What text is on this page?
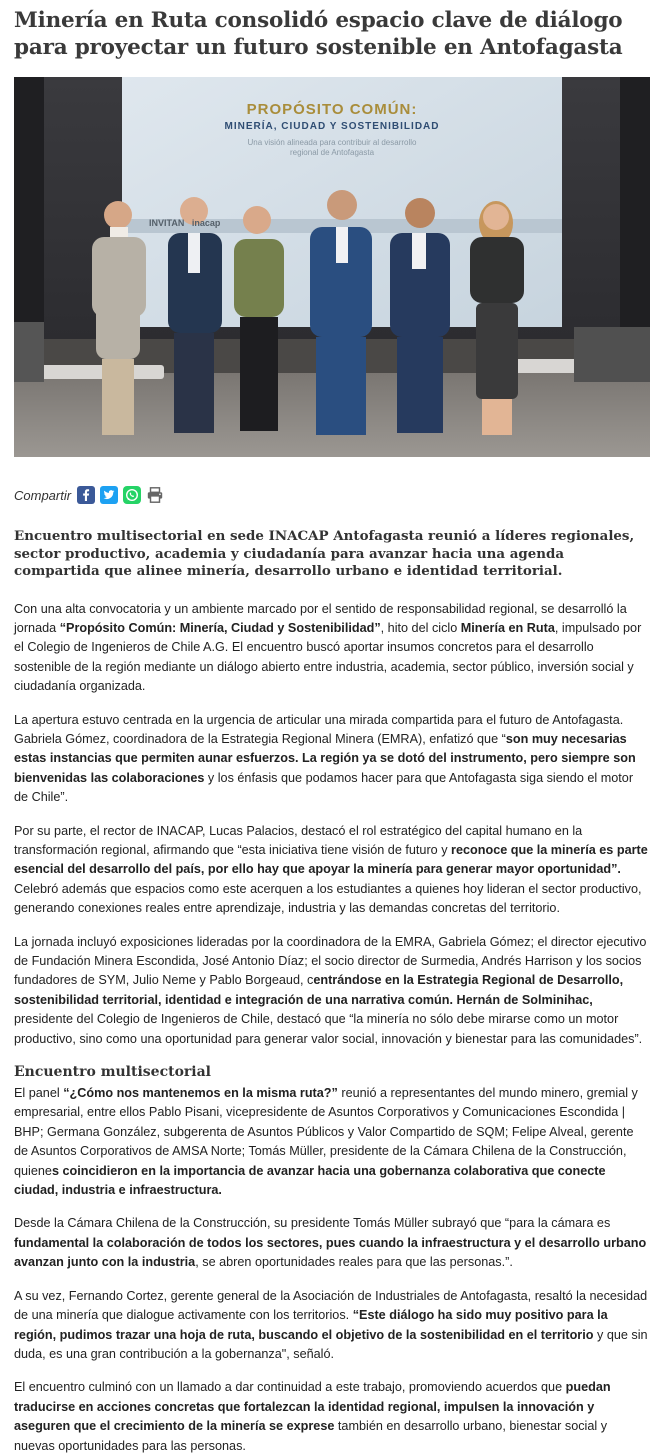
Minería en Ruta consolidó espacio clave de diálogo para proyectar un futuro sostenible en Antofagasta
PROPÓSITO COMÚN:
MINERÍA, CIUDAD Y SOSTENIBILIDAD
Una visión alineada para contribuir al desarrollo
regional de Antofagasta
INVITAN   inacap
Compartir
Encuentro multisectorial en sede INACAP Antofagasta reunió a líderes regionales, sector productivo, academia y ciudadanía para avanzar hacia una agenda compartida que alinee minería, desarrollo urbano e identidad territorial.

Con una alta convocatoria y un ambiente marcado por el sentido de responsabilidad regional, se desarrolló la jornada “Propósito Común: Minería, Ciudad y Sostenibilidad”, hito del ciclo Minería en Ruta, impulsado por el Colegio de Ingenieros de Chile A.G. El encuentro buscó aportar insumos concretos para el desarrollo sostenible de la región mediante un diálogo abierto entre industria, academia, sector público, inversión social y ciudadanía organizada.

La apertura estuvo centrada en la urgencia de articular una mirada compartida para el futuro de Antofagasta. Gabriela Gómez, coordinadora de la Estrategia Regional Minera (EMRA), enfatizó que “son muy necesarias estas instancias que permiten aunar esfuerzos. La región ya se dotó del instrumento, pero siempre son bienvenidas las colaboraciones y los énfasis que podamos hacer para que Antofagasta siga siendo el motor de Chile”.

Por su parte, el rector de INACAP, Lucas Palacios, destacó el rol estratégico del capital humano en la transformación regional, afirmando que “esta iniciativa tiene visión de futuro y reconoce que la minería es parte esencial del desarrollo del país, por ello hay que apoyar la minería para generar mayor oportunidad”. Celebró además que espacios como este acerquen a los estudiantes a quienes hoy lideran el sector productivo, generando conexiones reales entre aprendizaje, industria y las demandas concretas del territorio.

La jornada incluyó exposiciones lideradas por la coordinadora de la EMRA, Gabriela Gómez; el director ejecutivo de Fundación Minera Escondida, José Antonio Díaz; el socio director de Surmedia, Andrés Harrison y los socios fundadores de SYM, Julio Neme y Pablo Borgeaud, centrándose en la Estrategia Regional de Desarrollo, sostenibilidad territorial, identidad e integración de una narrativa común. Hernán de Solminihac, presidente del Colegio de Ingenieros de Chile, destacó que “la minería no sólo debe mirarse como un motor productivo, sino como una oportunidad para generar valor social, innovación y bienestar para las comunidades”.

Encuentro multisectorial

El panel “¿Cómo nos mantenemos en la misma ruta?” reunió a representantes del mundo minero, gremial y empresarial, entre ellos Pablo Pisani, vicepresidente de Asuntos Corporativos y Comunicaciones Escondida | BHP; Germana González, subgerenta de Asuntos Públicos y Valor Compartido de SQM; Felipe Alveal, gerente de Asuntos Corporativos de AMSA Norte; Tomás Müller, presidente de la Cámara Chilena de la Construcción, quienes coincidieron en la importancia de avanzar hacia una gobernanza colaborativa que conecte ciudad, industria e infraestructura.

Desde la Cámara Chilena de la Construcción, su presidente Tomás Müller subrayó que “para la cámara es fundamental la colaboración de todos los sectores, pues cuando la infraestructura y el desarrollo urbano avanzan junto con la industria, se abren oportunidades reales para que las personas.”.

A su vez, Fernando Cortez, gerente general de la Asociación de Industriales de Antofagasta, resaltó la necesidad de una minería que dialogue activamente con los territorios. “Este diálogo ha sido muy positivo para la región, pudimos trazar una hoja de ruta, buscando el objetivo de la sostenibilidad en el territorio y que sin duda, es una gran contribución a la gobernanza", señaló.

El encuentro culminó con un llamado a dar continuidad a este trabajo, promoviendo acuerdos que puedan traducirse en acciones concretas que fortalezcan la identidad regional, impulsen la innovación y aseguren que el crecimiento de la minería se exprese también en desarrollo urbano, bienestar social y nuevas oportunidades para las personas.
